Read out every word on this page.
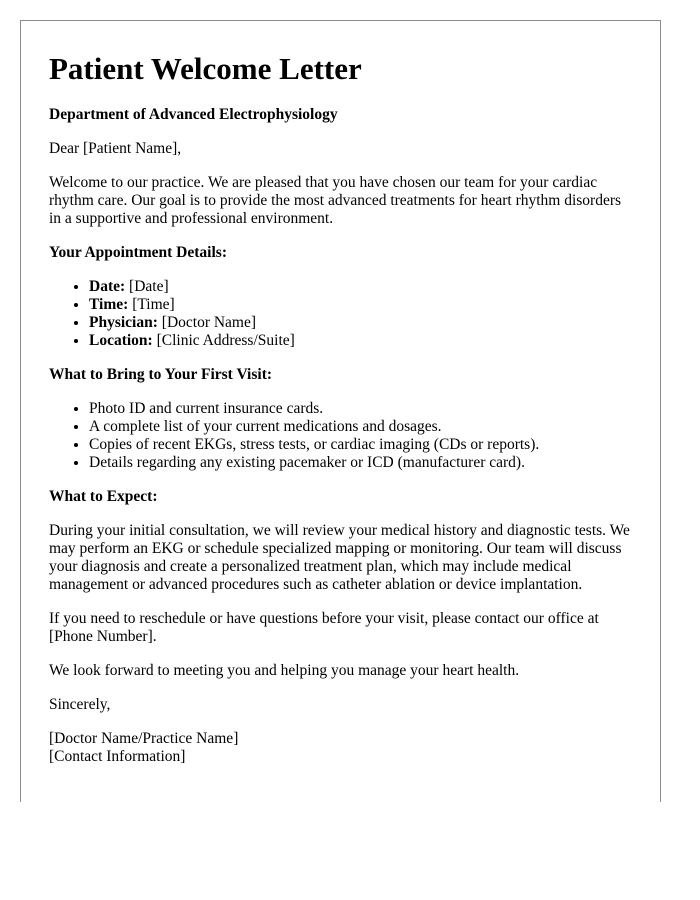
Patient Welcome Letter
Department of Advanced Electrophysiology

Dear [Patient Name],

Welcome to our practice. We are pleased that you have chosen our team for your cardiac rhythm care. Our goal is to provide the most advanced treatments for heart rhythm disorders in a supportive and professional environment.

Your Appointment Details:
• Date: [Date]
• Time: [Time]
• Physician: [Doctor Name]
• Location: [Clinic Address/Suite]
What to Bring to Your First Visit:
• Photo ID and current insurance cards.
• A complete list of your current medications and dosages.
• Copies of recent EKGs, stress tests, or cardiac imaging (CDs or reports).
• Details regarding any existing pacemaker or ICD (manufacturer card).
What to Expect:

During your initial consultation, we will review your medical history and diagnostic tests. We may perform an EKG or schedule specialized mapping or monitoring. Our team will discuss your diagnosis and create a personalized treatment plan, which may include medical management or advanced procedures such as catheter ablation or device implantation.

If you need to reschedule or have questions before your visit, please contact our office at [Phone Number].

We look forward to meeting you and helping you manage your heart health.

Sincerely,

[Doctor Name/Practice Name]
[Contact Information]
